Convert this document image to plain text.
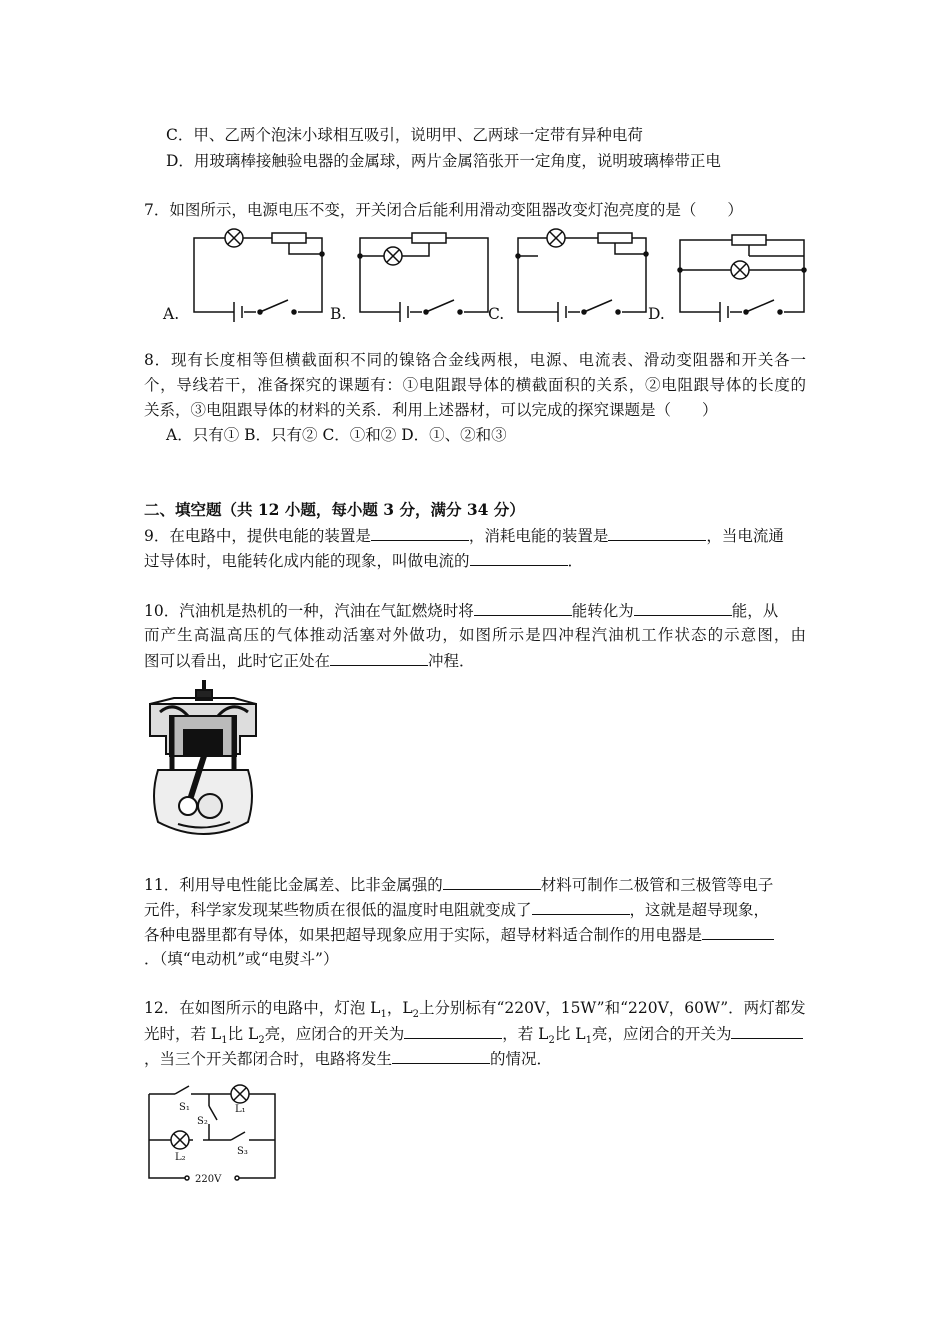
C．甲、乙两个泡沫小球相互吸引，说明甲、乙两球一定带有异种电荷
D．用玻璃棒接触验电器的金属球，两片金属箔张开一定角度，说明玻璃棒带正电
7．如图所示，电源电压不变，开关闭合后能利用滑动变阻器改变灯泡亮度的是（　　）
A.	B.	C.	D.
8．现有长度相等但横截面积不同的镍铬合金线两根，电源、电流表、滑动变阻器和开关各一
个，导线若干，准备探究的课题有：①电阻跟导体的横截面积的关系，②电阻跟导体的长度的
关系，③电阻跟导体的材料的关系．利用上述器材，可以完成的探究课题是（　　）
A．只有① B．只有② C．①和② D．①、②和③
二、填空题（共 12 小题，每小题 3 分，满分 34 分）
9．在电路中，提供电能的装置是	，消耗电能的装置是	，当电流通
过导体时，电能转化成内能的现象，叫做电流的	．
10．汽油机是热机的一种，汽油在气缸燃烧时将	能转化为	能，从
而产生高温高压的气体推动活塞对外做功，如图所示是四冲程汽油机工作状态的示意图，由
图可以看出，此时它正处在	冲程．
11．利用导电性能比金属差、比非金属强的	材料可制作二极管和三极管等电子
元件，科学家发现某些物质在很低的温度时电阻就变成了	，这就是超导现象，
各种电器里都有导体，如果把超导现象应用于实际，超导材料适合制作的用电器是
．（填“电动机”或“电熨斗”）
12．在如图所示的电路中，灯泡 $L_1$，$L_2$上分别标有“220V，15W”和“220V，60W”．两灯都发
光时，若 $L_1$比 $L_2$亮，应闭合的开关为	，若 $L_2$比 $L_1$亮，应闭合的开关为
，当三个开关都闭合时，电路将发生	的情况．
S₁
S₂
L₁
L₂
S₃
220V
